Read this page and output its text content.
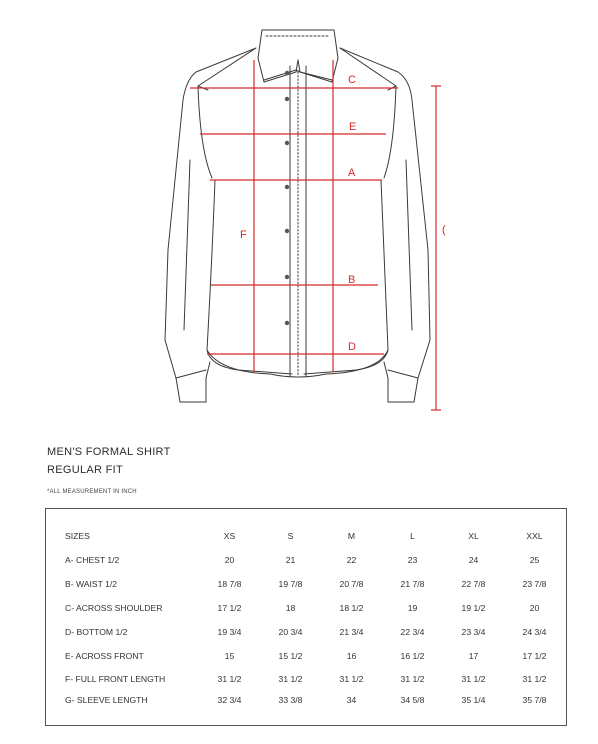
C
E
A
F
B
D
(
MEN'S FORMAL SHIRT
REGULAR FIT
*ALL MEASUREMENT IN INCH
SIZES	XS	S	M	L	XL	XXL
A- CHEST 1/2	20	21	22	23	24	25
B- WAIST 1/2	18 7/8	19 7/8	20 7/8	21 7/8	22 7/8	23 7/8
C- ACROSS SHOULDER	17 1/2	18	18 1/2	19	19 1/2	20
D- BOTTOM 1/2	19 3/4	20 3/4	21 3/4	22 3/4	23 3/4	24 3/4
E- ACROSS FRONT	15	15 1/2	16	16 1/2	17	17 1/2
F- FULL FRONT LENGTH	31 1/2	31 1/2	31 1/2	31 1/2	31 1/2	31 1/2
G- SLEEVE LENGTH	32 3/4	33 3/8	34	34 5/8	35 1/4	35 7/8
